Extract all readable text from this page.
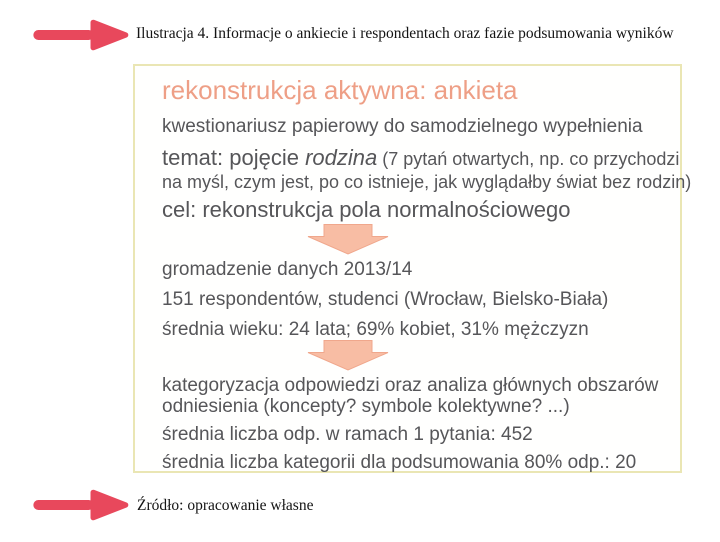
Ilustracja 4. Informacje o ankiecie i respondentach oraz fazie podsumowania wyników
rekonstrukcja aktywna: ankieta
kwestionariusz papierowy do samodzielnego wypełnienia
temat: pojęcie rodzina (7 pytań otwartych, np. co przychodzi
na myśl, czym jest, po co istnieje, jak wyglądałby świat bez rodzin)
cel: rekonstrukcja pola normalnościowego
gromadzenie danych 2013/14
151 respondentów, studenci (Wrocław, Bielsko-Biała)
średnia wieku: 24 lata; 69% kobiet, 31% mężczyzn
kategoryzacja odpowiedzi oraz analiza głównych obszarów
odniesienia (koncepty? symbole kolektywne? ...)
średnia liczba odp. w ramach 1 pytania: 452
średnia liczba kategorii dla podsumowania 80% odp.: 20
Źródło: opracowanie własne
